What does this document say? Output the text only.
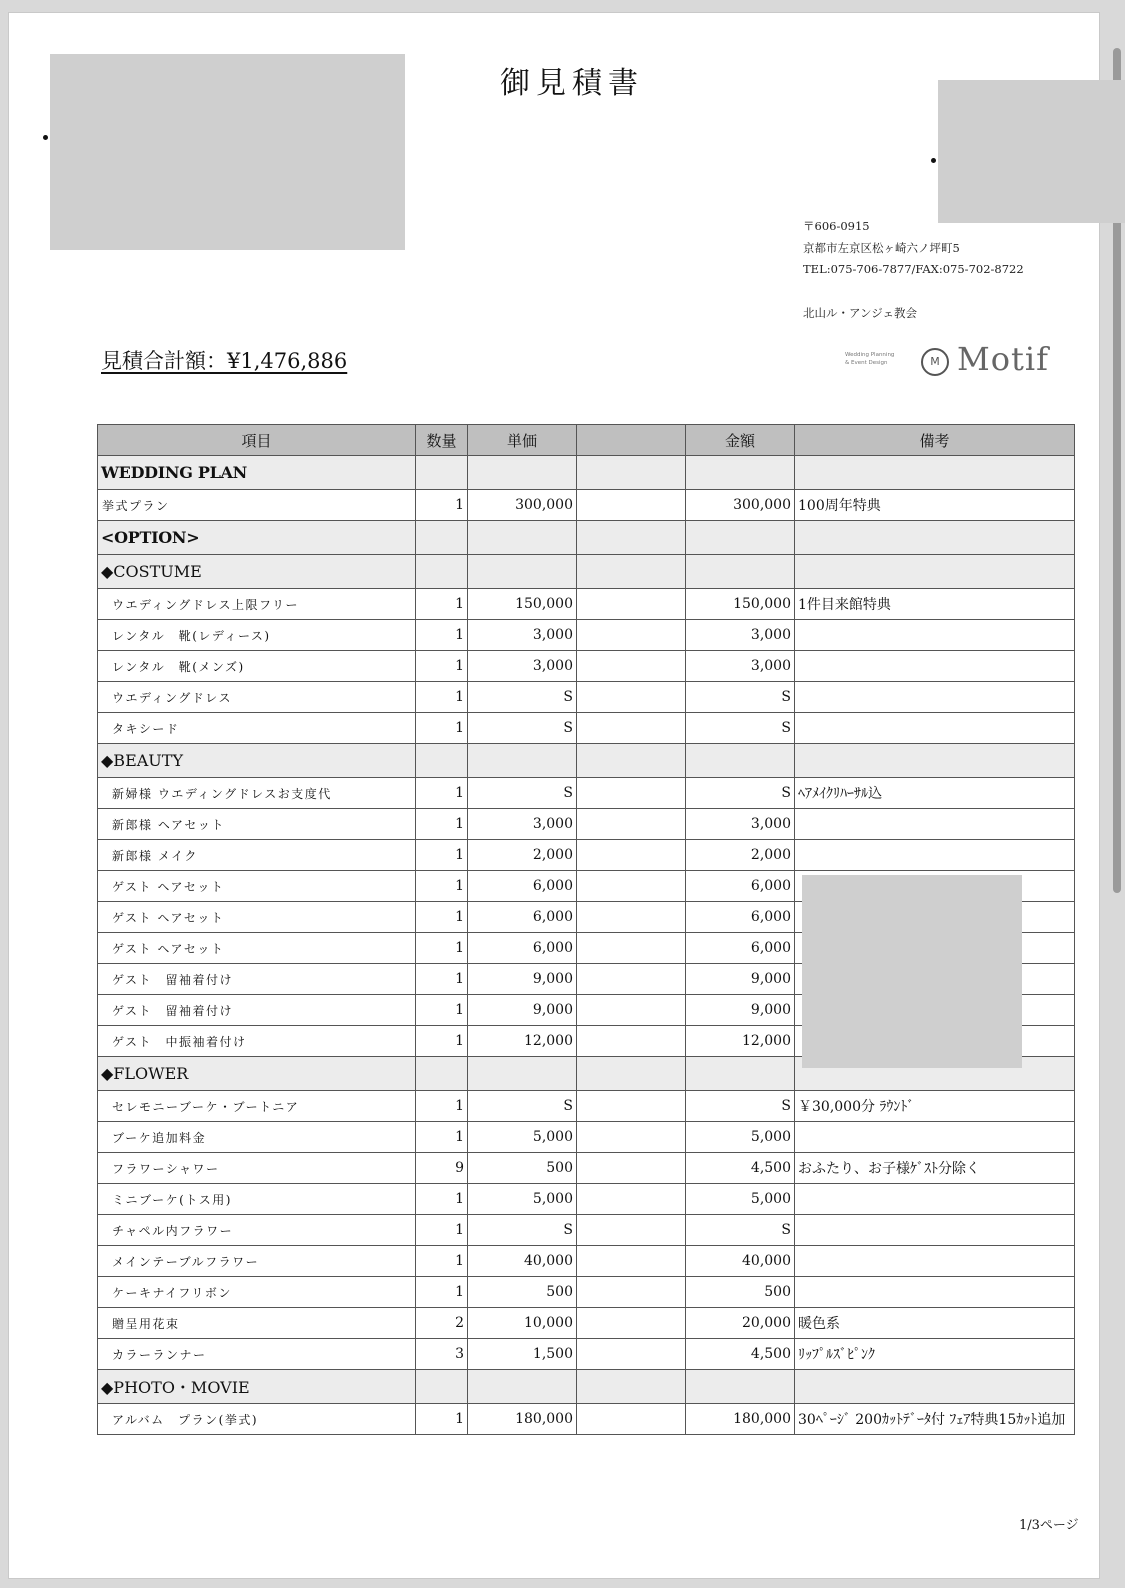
御見積書
〒606-0915
京都市左京区松ヶ崎六ノ坪町5
TEL:075-706-7877/FAX:075-702-8722
北山ル・アンジェ教会
見積合計額：¥1,476,886	Wedding Planning
& Event Design	M Motif
項目	数量	単価		金額	備考
WEDDING PLAN					
挙式プラン	1	300,000		300,000	100周年特典
<OPTION>					
◆COSTUME					
ウエディングドレス上限フリー	1	150,000		150,000	1件目来館特典
レンタル　靴(レディース)	1	3,000		3,000	
レンタル　靴(メンズ)	1	3,000		3,000	
ウエディングドレス	1	S		S	
タキシード	1	S		S	
◆BEAUTY					
新婦様 ウエディングドレスお支度代	1	S		S	ﾍｱﾒｲｸﾘﾊｰｻﾙ込
新郎様 ヘアセット	1	3,000		3,000	
新郎様 メイク	1	2,000		2,000	
ゲスト ヘアセット	1	6,000		6,000	
ゲスト ヘアセット	1	6,000		6,000	
ゲスト ヘアセット	1	6,000		6,000	
ゲスト　留袖着付け	1	9,000		9,000	
ゲスト　留袖着付け	1	9,000		9,000	
ゲスト　中振袖着付け	1	12,000		12,000	
◆FLOWER					
セレモニーブーケ・ブートニア	1	S		S	￥30,000分 ﾗｳﾝﾄﾞ
ブーケ追加料金	1	5,000		5,000	
フラワーシャワー	9	500		4,500	おふたり、お子様ｹﾞｽﾄ分除く
ミニブーケ(トス用)	1	5,000		5,000	
チャペル内フラワー	1	S		S	
メインテーブルフラワー	1	40,000		40,000	
ケーキナイフリボン	1	500		500	
贈呈用花束	2	10,000		20,000	暖色系
カラーランナー	3	1,500		4,500	ﾘｯﾌﾟﾙｽﾞﾋﾟﾝｸ
◆PHOTO・MOVIE					
アルバム　プラン(挙式)	1	180,000		180,000	30ﾍﾟｰｼﾞ 200ｶｯﾄﾃﾞｰﾀ付 ﾌｪｱ特典15ｶｯﾄ追加
1/3ページ
